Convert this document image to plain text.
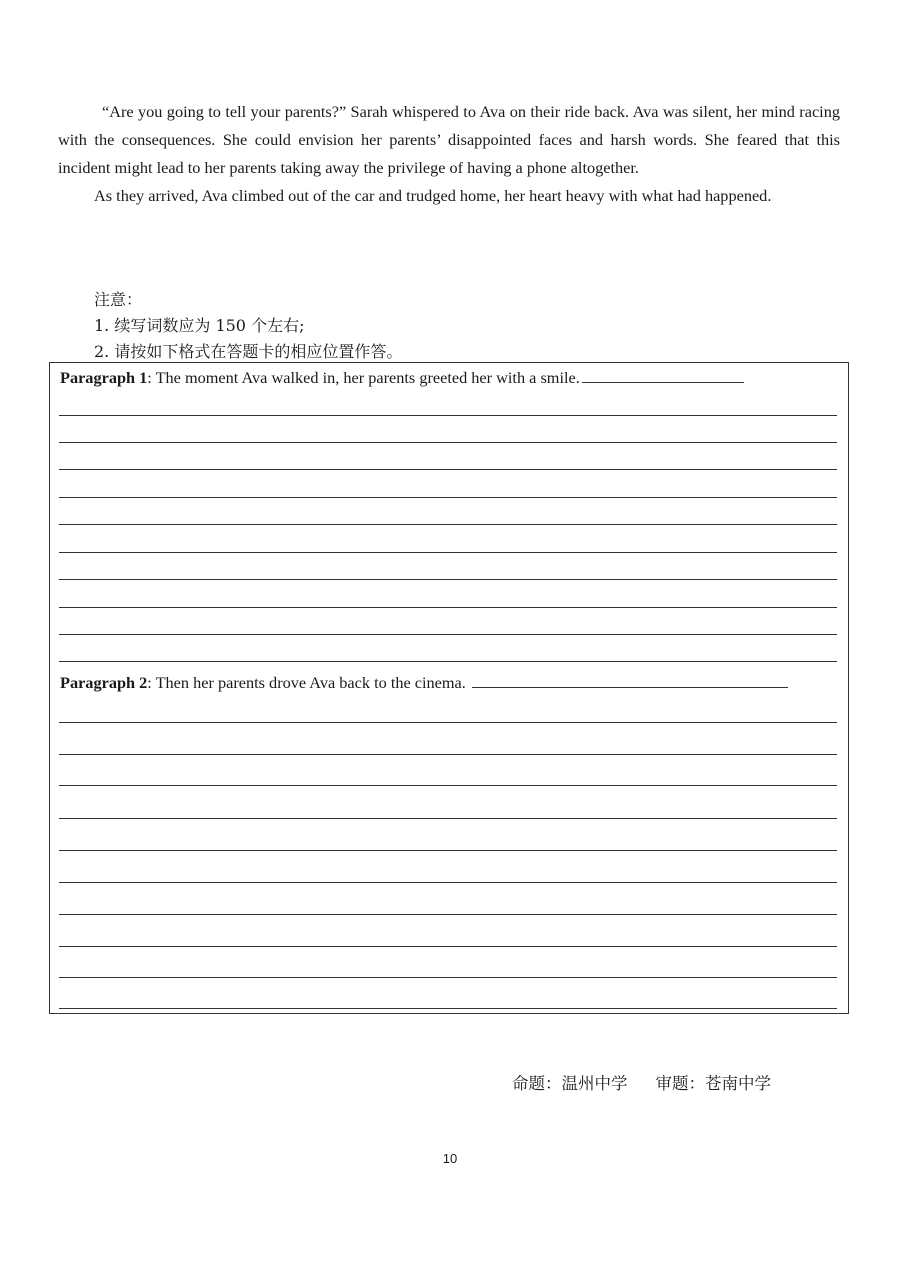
“Are you going to tell your parents?” Sarah whispered to Ava on their ride back. Ava was silent, her mind racing with the consequences. She could envision her parents’ disappointed faces and harsh words. She feared that this incident might lead to her parents taking away the privilege of having a phone altogether.

As they arrived, Ava climbed out of the car and trudged home, her heart heavy with what had happened.

注意：
1. 续写词数应为 150 个左右;
2. 请按如下格式在答题卡的相应位置作答。
Paragraph 1 : The moment Ava walked in, her parents greeted her with a smile.
Paragraph 2 : Then her parents drove Ava back to the cinema.
命题：温州中学 审题：苍南中学
10
